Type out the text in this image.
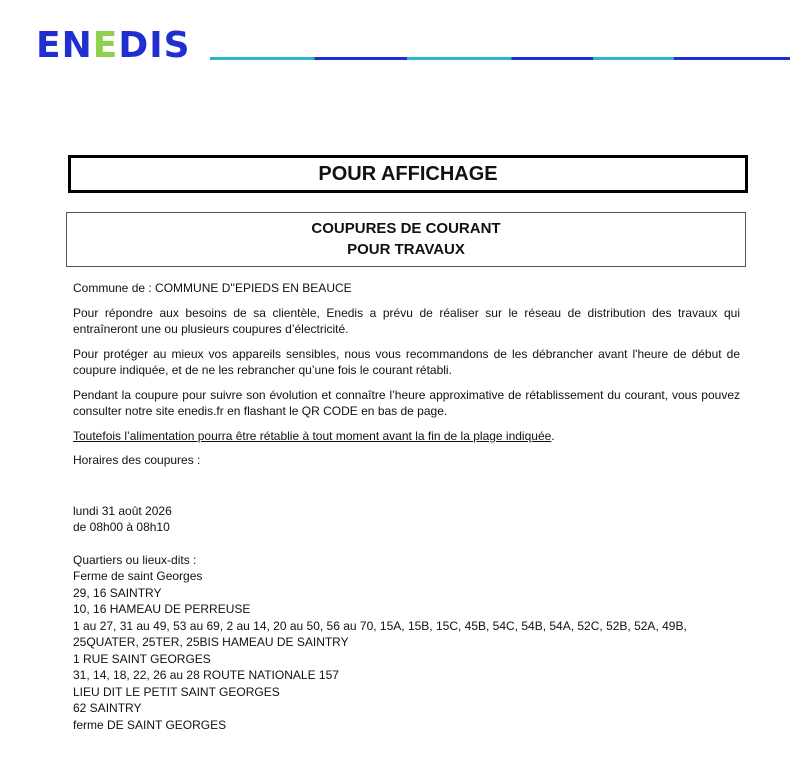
ENEDIS
POUR AFFICHAGE
COUPURES DE COURANT
POUR TRAVAUX

Commune de : COMMUNE D''EPIEDS EN BEAUCE

Pour répondre aux besoins de sa clientèle, Enedis a prévu de réaliser sur le réseau de distribution des travaux qui entraîneront une ou plusieurs coupures d’électricité.

Pour protéger au mieux vos appareils sensibles, nous vous recommandons de les débrancher avant l'heure de début de coupure indiquée, et de ne les rebrancher qu’une fois le courant rétabli.

Pendant la coupure pour suivre son évolution et connaître l’heure approximative de rétablissement du courant, vous pouvez consulter notre site enedis.fr en flashant le QR CODE en bas de page.

Toutefois l’alimentation pourra être rétablie à tout moment avant la fin de la plage indiquée.

Horaires des coupures :

lundi 31 août 2026
de 08h00 à 08h10
Quartiers ou lieux-dits :
Ferme de saint Georges
29, 16 SAINTRY
10, 16 HAMEAU DE PERREUSE
1 au 27, 31 au 49, 53 au 69, 2 au 14, 20 au 50, 56 au 70, 15A, 15B, 15C, 45B, 54C, 54B, 54A, 52C, 52B, 52A, 49B,
25QUATER, 25TER, 25BIS HAMEAU DE SAINTRY
1 RUE SAINT GEORGES
31, 14, 18, 22, 26 au 28 ROUTE NATIONALE 157
LIEU DIT LE PETIT SAINT GEORGES
62 SAINTRY
ferme DE SAINT GEORGES
